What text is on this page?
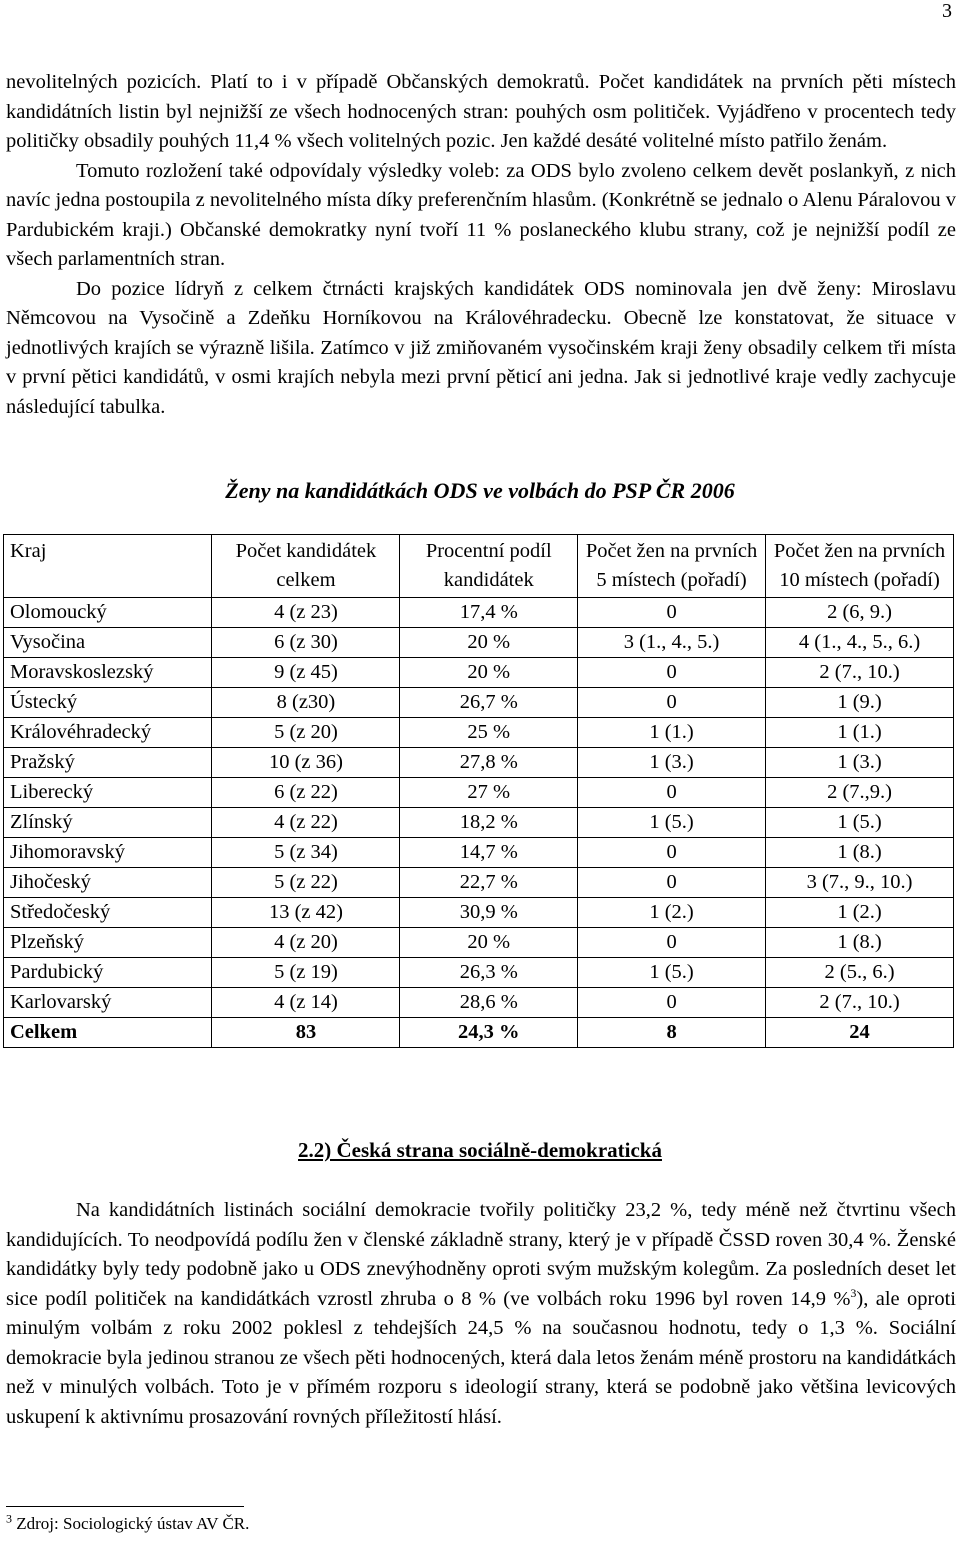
3

nevolitelných pozicích. Platí to i v případě Občanských demokratů. Počet kandidátek na prvních pěti místech kandidátních listin byl nejnižší ze všech hodnocených stran: pouhých osm političek. Vyjádřeno v procentech tedy političky obsadily pouhých 11,4 % všech volitelných pozic. Jen každé desáté volitelné místo patřilo ženám.
Tomuto rozložení také odpovídaly výsledky voleb: za ODS bylo zvoleno celkem devět poslankyň, z nich navíc jedna postoupila z nevolitelného místa díky preferenčním hlasům. (Konkrétně se jednalo o Alenu Páralovou v Pardubickém kraji.) Občanské demokratky nyní tvoří 11 % poslaneckého klubu strany, což je nejnižší podíl ze všech parlamentních stran.
Do pozice lídryň z celkem čtrnácti krajských kandidátek ODS nominovala jen dvě ženy: Miroslavu Němcovou na Vysočině a Zdeňku Horníkovou na Královéhradecku. Obecně lze konstatovat, že situace v jednotlivých krajích se výrazně lišila. Zatímco v již zmiňovaném vysočinském kraji ženy obsadily celkem tři místa v první pětici kandidátů, v osmi krajích nebyla mezi první pěticí ani jedna. Jak si jednotlivé kraje vedly zachycuje následující tabulka.

Ženy na kandidátkách ODS ve volbách do PSP ČR 2006
Kraj	Počet kandidátek celkem	Procentní podíl kandidátek	Počet žen na prvních 5 místech (pořadí)	Počet žen na prvních 10 místech (pořadí)
Olomoucký	4 (z 23)	17,4 %	0	2 (6, 9.)
Vysočina	6 (z 30)	20 %	3 (1., 4., 5.)	4 (1., 4., 5., 6.)
Moravskoslezský	9 (z 45)	20 %	0	2 (7., 10.)
Ústecký	8 (z30)	26,7 %	0	1 (9.)
Královéhradecký	5 (z 20)	25 %	1 (1.)	1 (1.)
Pražský	10 (z 36)	27,8 %	1 (3.)	1 (3.)
Liberecký	6 (z 22)	27 %	0	2 (7.,9.)
Zlínský	4 (z 22)	18,2 %	1 (5.)	1 (5.)
Jihomoravský	5 (z 34)	14,7 %	0	1 (8.)
Jihočeský	5 (z 22)	22,7 %	0	3 (7., 9., 10.)
Středočeský	13 (z 42)	30,9 %	1 (2.)	1 (2.)
Plzeňský	4 (z 20)	20 %	0	1 (8.)
Pardubický	5 (z 19)	26,3 %	1 (5.)	2 (5., 6.)
Karlovarský	4 (z 14)	28,6 %	0	2 (7., 10.)
Celkem	83	24,3 %	8	24
2.2) Česká strana sociálně-demokratická

Na kandidátních listinách sociální demokracie tvořily političky 23,2 %, tedy méně než čtvrtinu všech kandidujících. To neodpovídá podílu žen v členské základně strany, který je v případě ČSSD roven 30,4 %. Ženské kandidátky byly tedy podobně jako u ODS znevýhodněny oproti svým mužským kolegům. Za posledních deset let sice podíl političek na kandidátkách vzrostl zhruba o 8 % (ve volbách roku 1996 byl roven 14,9 %$^3$), ale oproti minulým volbám z roku 2002 poklesl z tehdejších 24,5 % na současnou hodnotu, tedy o 1,3 %. Sociální demokracie byla jedinou stranou ze všech pěti hodnocených, která dala letos ženám méně prostoru na kandidátkách než v minulých volbách. Toto je v přímém rozporu s ideologií strany, která se podobně jako většina levicových uskupení k aktivnímu prosazování rovných příležitostí hlásí.

$^3$ Zdroj: Sociologický ústav AV ČR.
